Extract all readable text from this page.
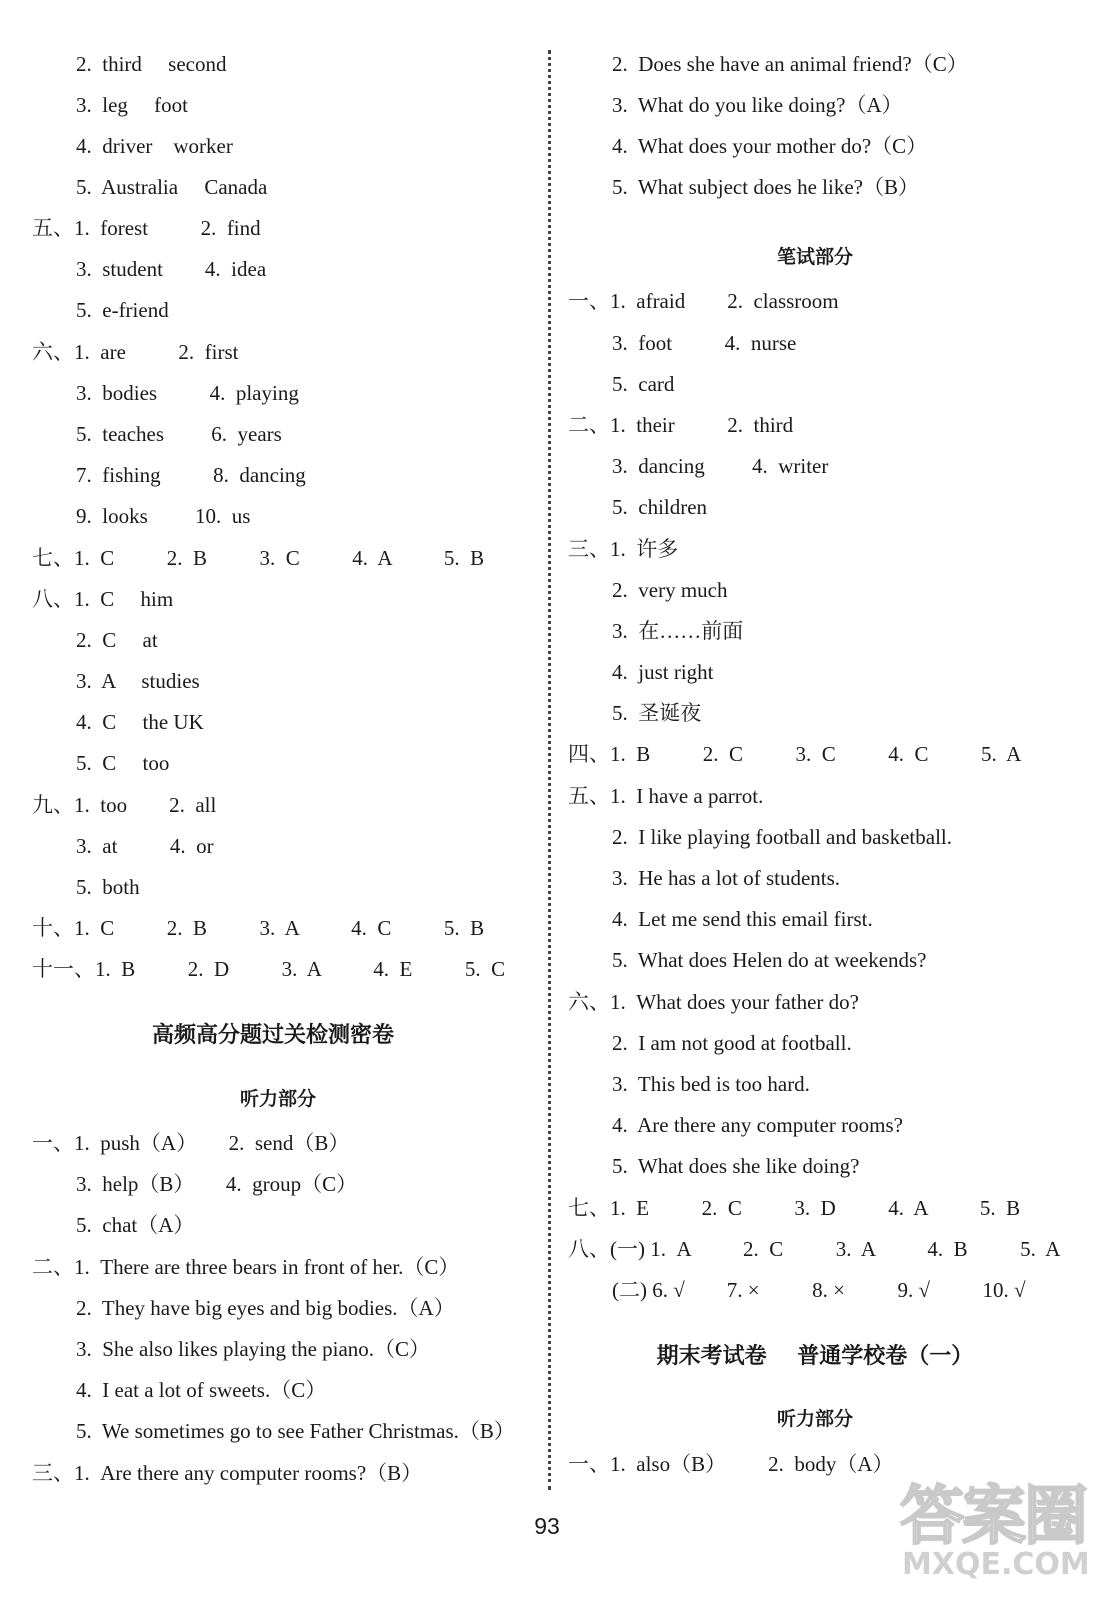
2.  third     second
3.  leg     foot
4.  driver    worker
5.  Australia     Canada
五、1.  forest          2.  find
3.  student        4.  idea
5.  e-friend
六、1.  are          2.  first
3.  bodies          4.  playing
5.  teaches         6.  years
7.  fishing          8.  dancing
9.  looks         10.  us
七、1.  C          2.  B          3.  C          4.  A          5.  B
八、1.  C     him
2.  C     at
3.  A     studies
4.  C     the UK
5.  C     too
九、1.  too        2.  all
3.  at          4.  or
5.  both
十、1.  C          2.  B          3.  A          4.  C          5.  B
十一、1.  B          2.  D          3.  A          4.  E          5.  C
高频高分题过关检测密卷
听力部分
一、1.  push（A）      2.  send（B）
3.  help（B）      4.  group（C）
5.  chat（A）
二、1.  There are three bears in front of her.（C）
2.  They have big eyes and big bodies.（A）
3.  She also likes playing the piano.（C）
4.  I eat a lot of sweets.（C）
5.  We sometimes go to see Father Christmas.（B）
三、1.  Are there any computer rooms?（B）
2.  Does she have an animal friend?（C）
3.  What do you like doing?（A）
4.  What does your mother do?（C）
5.  What subject does he like?（B）
笔试部分
一、1.  afraid        2.  classroom
3.  foot          4.  nurse
5.  card
二、1.  their          2.  third
3.  dancing         4.  writer
5.  children
三、1.  许多
2.  very much
3.  在……前面
4.  just right
5.  圣诞夜
四、1.  B          2.  C          3.  C          4.  C          5.  A
五、1.  I have a parrot.
2.  I like playing football and basketball.
3.  He has a lot of students.
4.  Let me send this email first.
5.  What does Helen do at weekends?
六、1.  What does your father do?
2.  I am not good at football.
3.  This bed is too hard.
4.  Are there any computer rooms?
5.  What does she like doing?
七、1.  E          2.  C          3.  D          4.  A          5.  B
八、(一) 1.  A          2.  C          3.  A          4.  B          5.  A
(二) 6. √        7. ×          8. ×          9. √          10. √
期末考试卷    普通学校卷（一）
听力部分
一、1.  also（B）        2.  body（A）
93	答案圈
MXQE.COM
